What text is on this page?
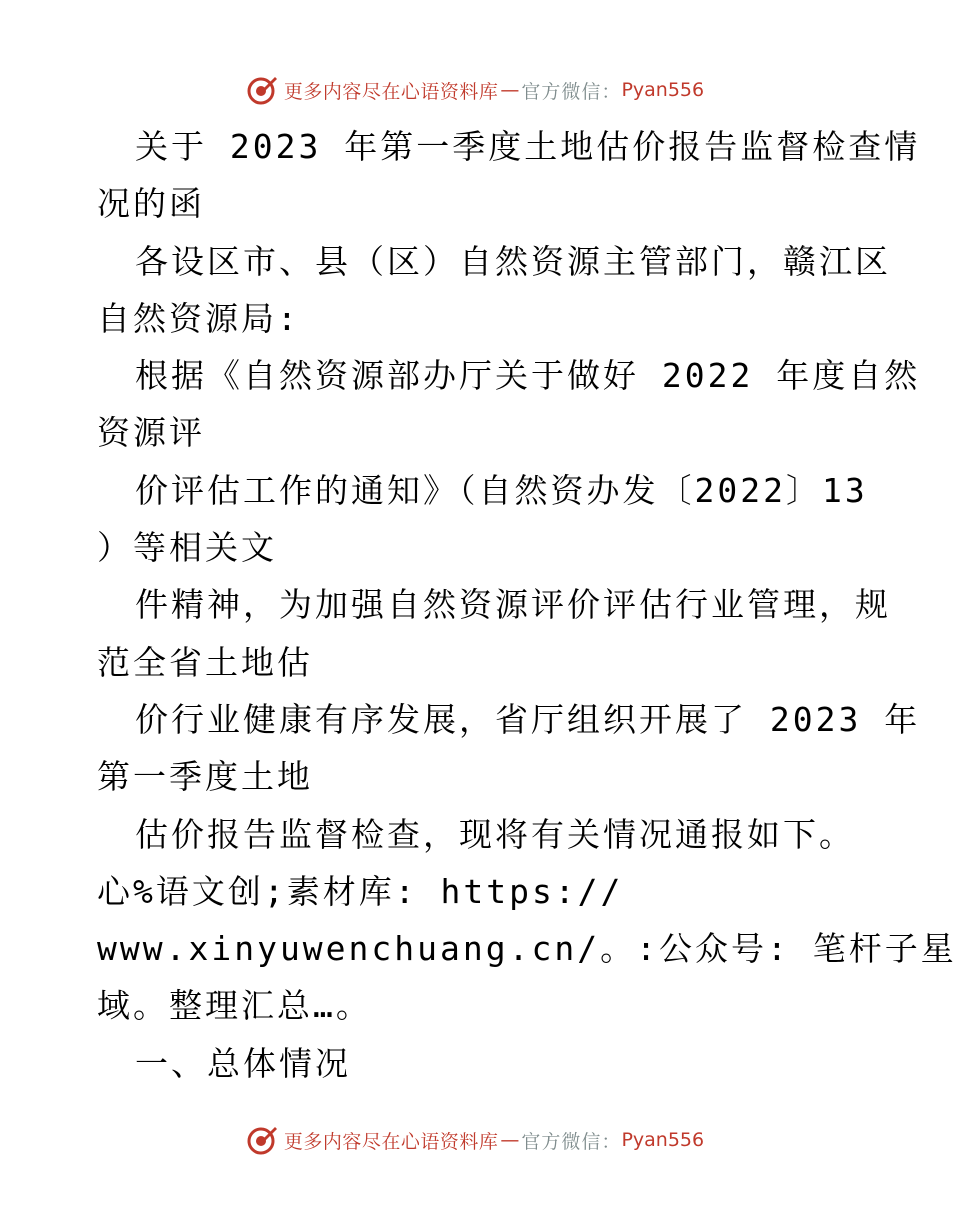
更多内容尽在心语资料库 — 官方微信： Pyan556
关于 2023 年第一季度土地估价报告监督检查情
况的函
各设区市、县（区）自然资源主管部门，赣江区
自然资源局:
根据《自然资源部办厅关于做好 2022 年度自然
资源评
价评估工作的通知》（自然资办发〔2022〕13
）等相关文
件精神，为加强自然资源评价评估行业管理，规
范全省土地估
价行业健康有序发展，省厅组织开展了 2023 年
第一季度土地
估价报告监督检查，现将有关情况通报如下。
心%语文创;素材库: https://
www.xinyuwenchuang.cn/。:公众号: 笔杆子星
域。整理汇总…。
一、总体情况
更多内容尽在心语资料库 — 官方微信： Pyan556
